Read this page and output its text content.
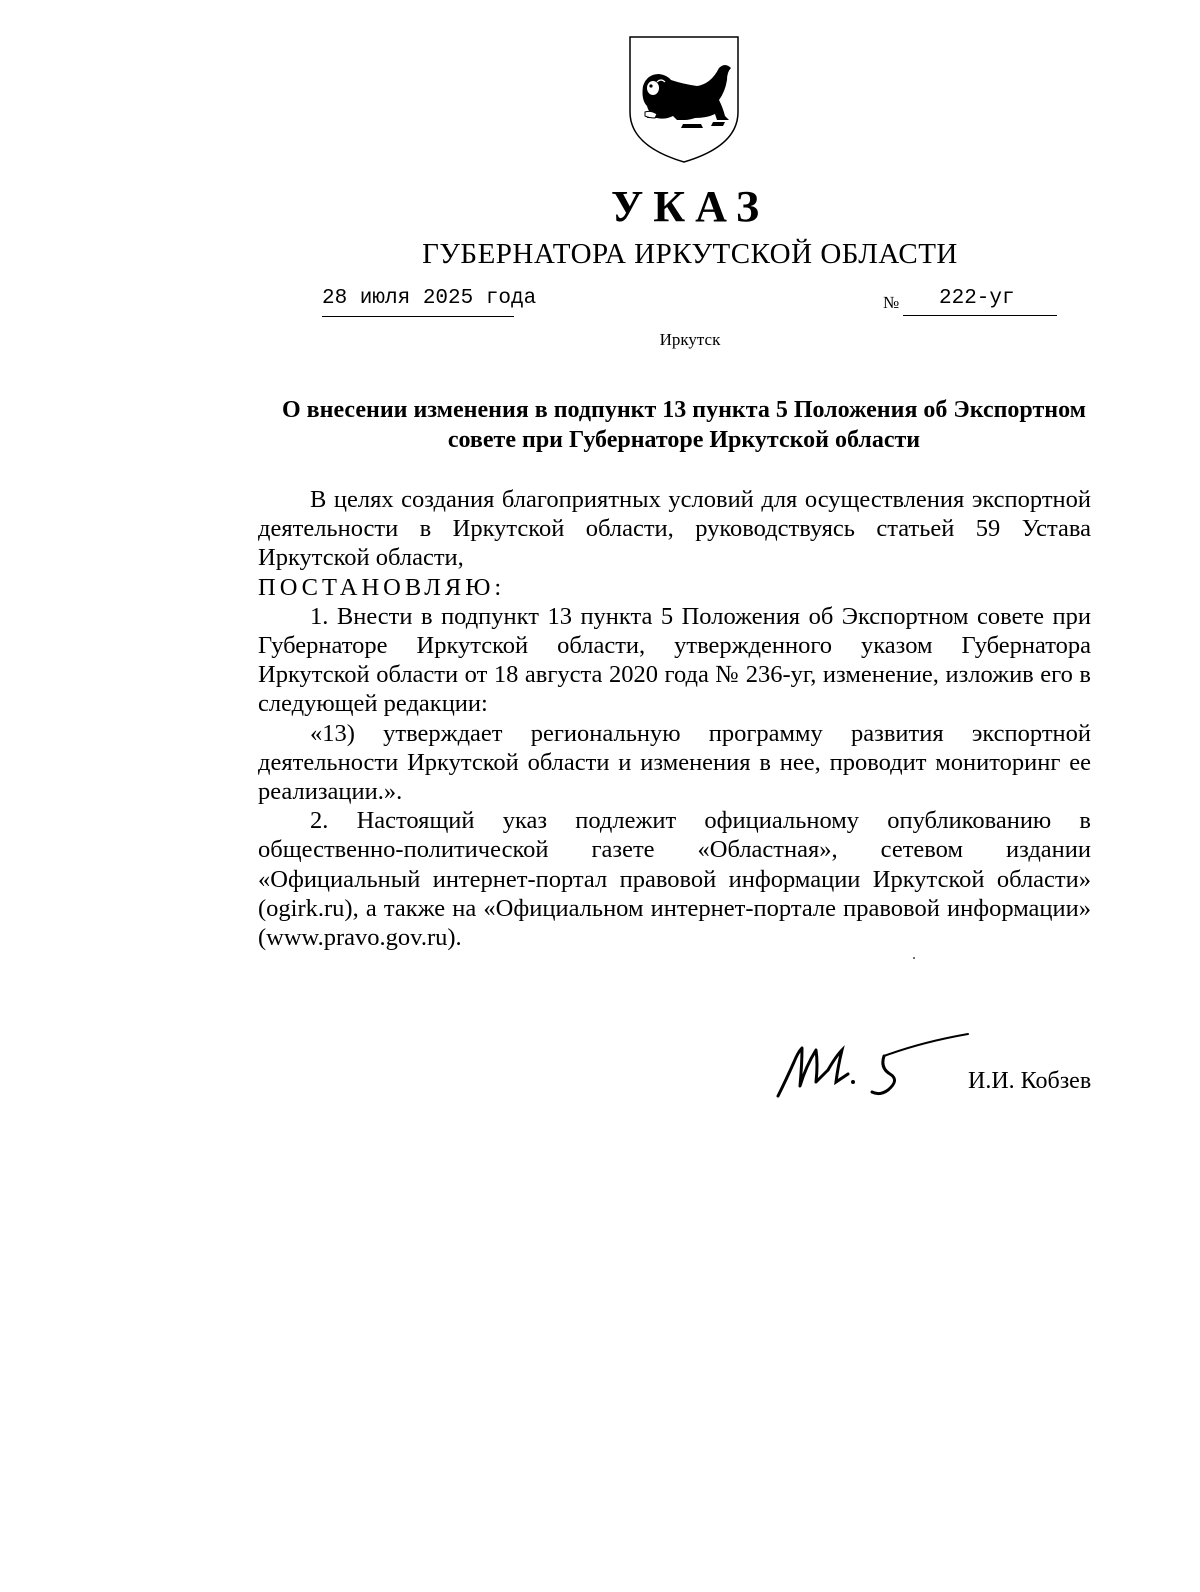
УКАЗ
ГУБЕРНАТОРА ИРКУТСКОЙ ОБЛАСТИ
28 июля 2025 года	№	222-уг
Иркутск
О внесении изменения в подпункт 13 пункта 5 Положения об Экспортном совете при Губернаторе Иркутской области

В целях создания благоприятных условий для осуществления экспортной деятельности в Иркутской области, руководствуясь статьей 59 Устава Иркутской области,

ПОСТАНОВЛЯЮ:

1. Внести в подпункт 13 пункта 5 Положения об Экспортном совете при Губернаторе Иркутской области, утвержденного указом Губернатора Иркутской области от 18 августа 2020 года № 236-уг, изменение, изложив его в следующей редакции:

«13) утверждает региональную программу развития экспортной деятельности Иркутской области и изменения в нее, проводит мониторинг ее реализации.».

2. Настоящий указ подлежит официальному опубликованию в общественно-политической газете «Областная», сетевом издании «Официальный интернет-портал правовой информации Иркутской области» (ogirk.ru), а также на «Официальном интернет-портале правовой информации» (www.pravo.gov.ru).

И.И. Кобзев
